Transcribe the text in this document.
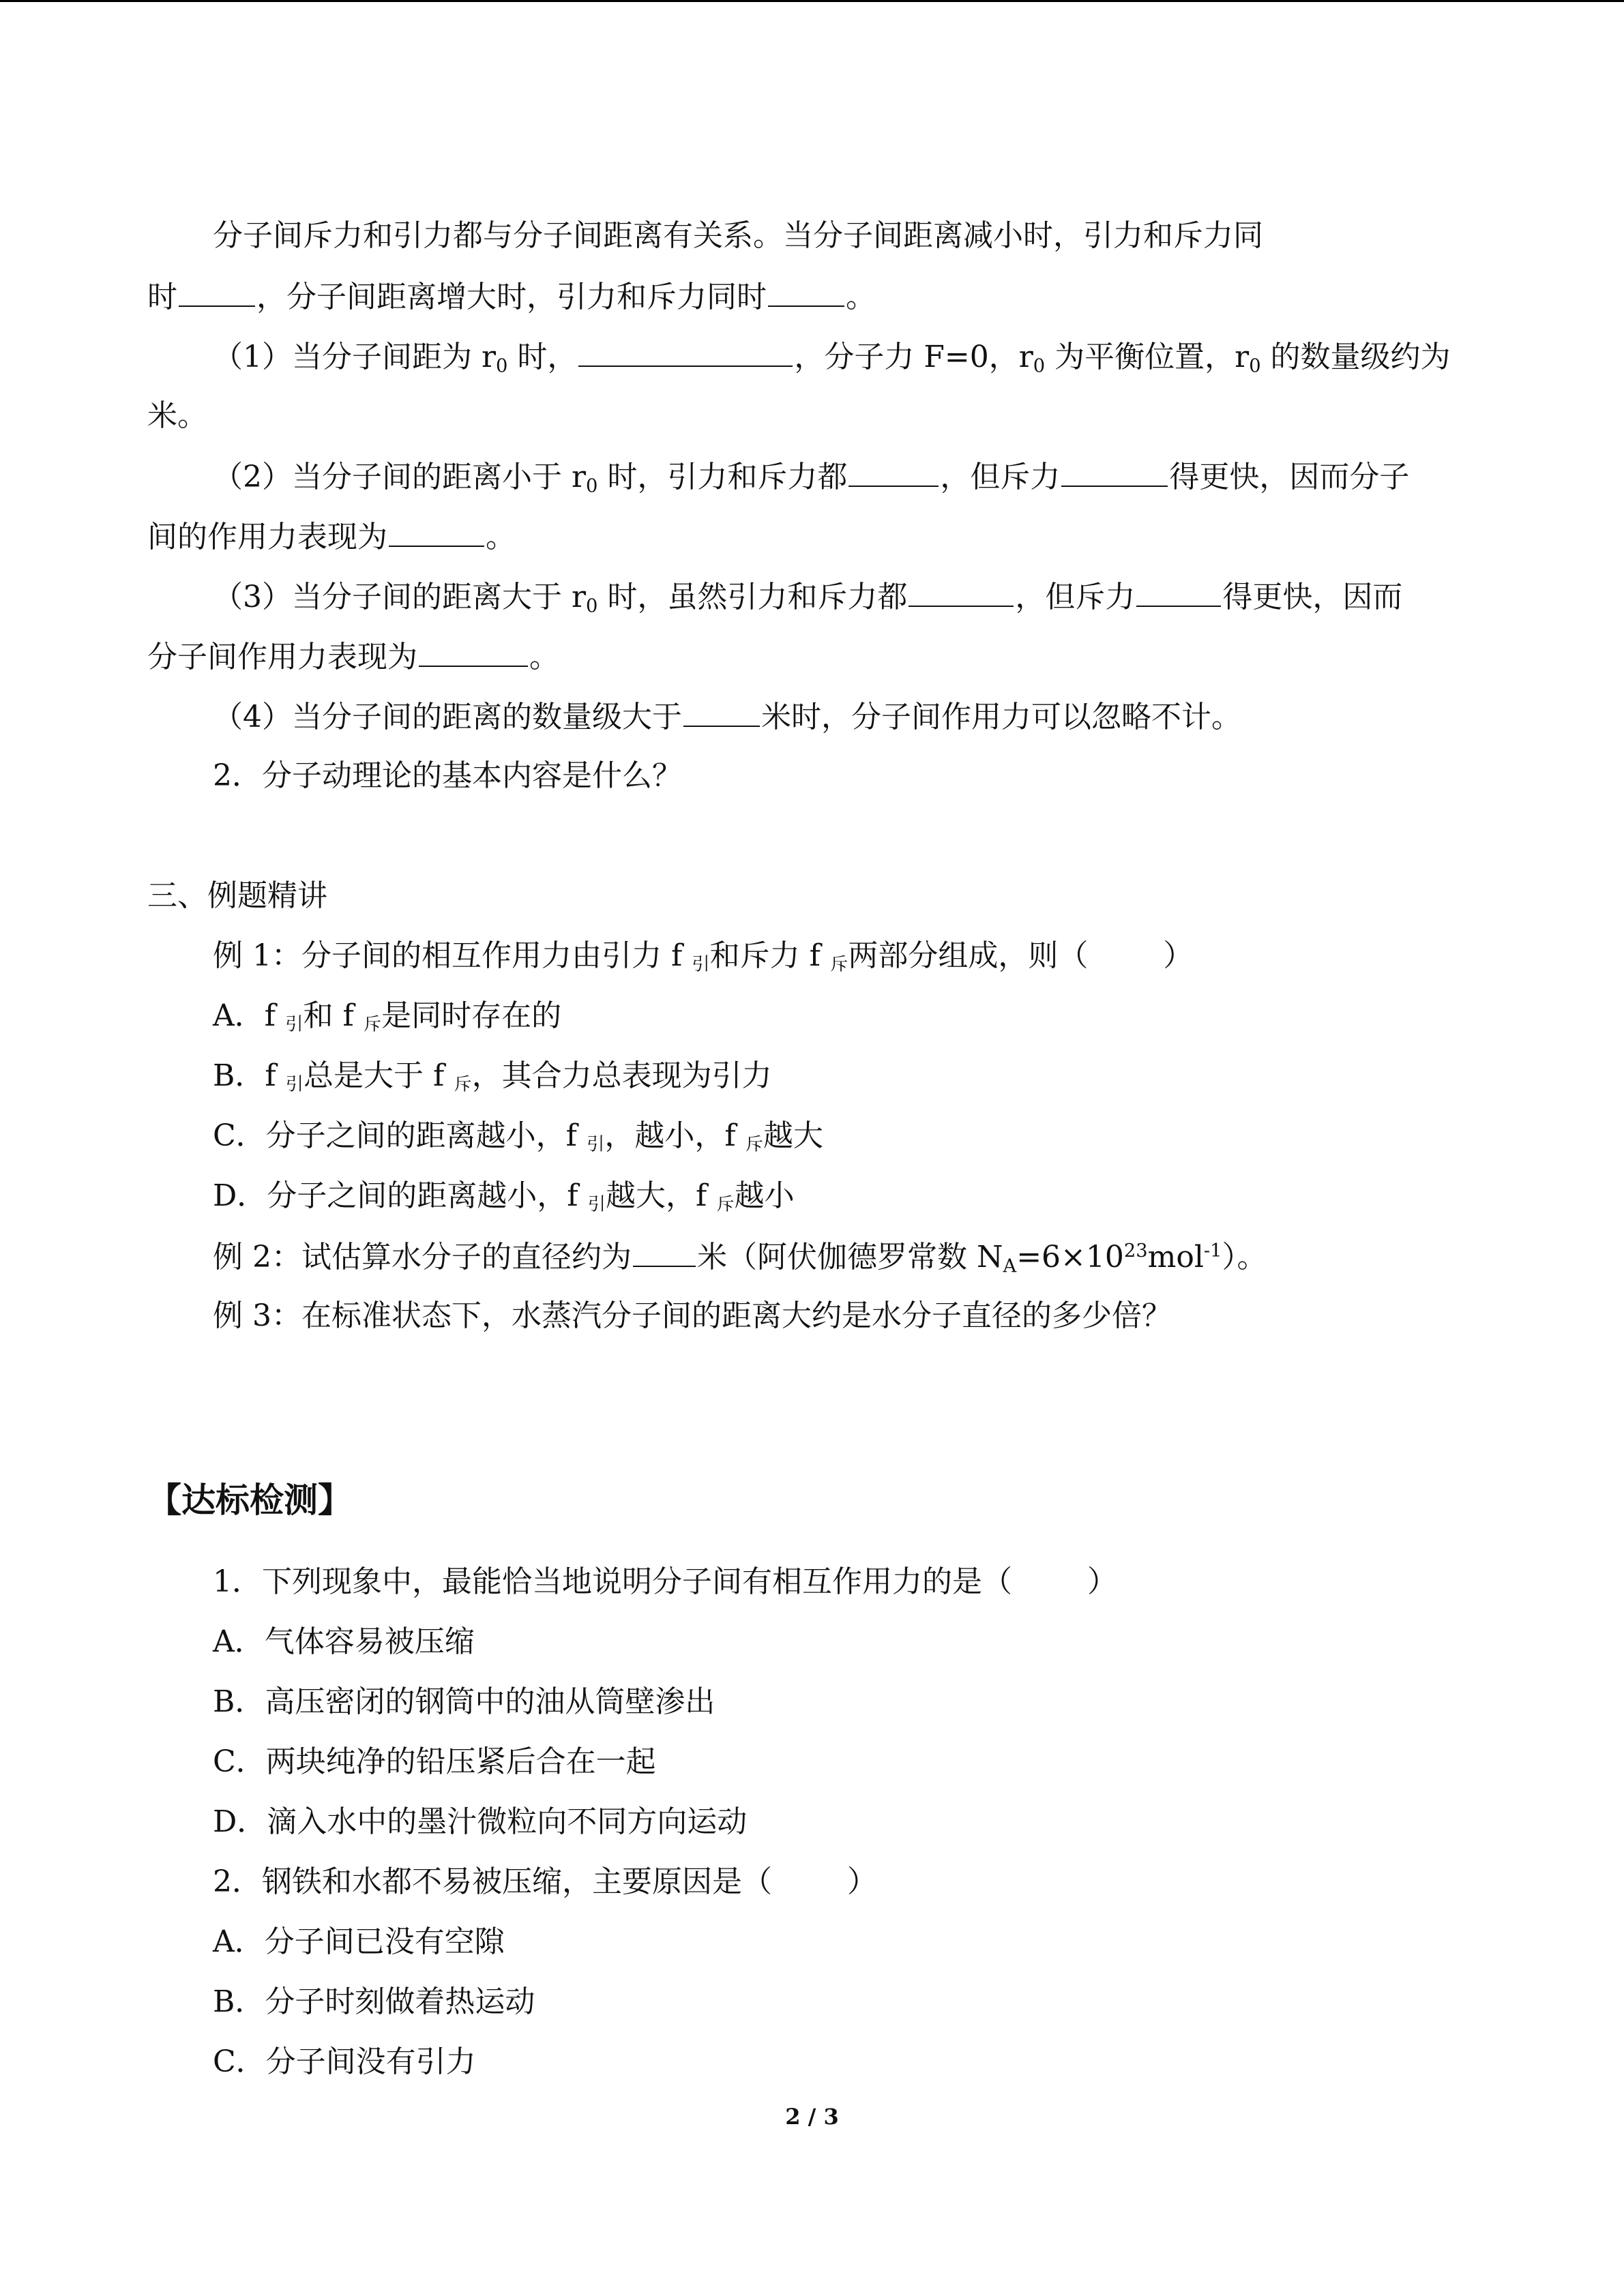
分子间斥力和引力都与分子间距离有关系。当分子间距离减小时，引力和斥力同
时	，分子间距离增大时，引力和斥力同时	。
（1）当分子间距为 $r_0$ 时，	，分子力 F=0，$r_0$ 为平衡位置，$r_0$ 的数量级约为
米。
（2）当分子间的距离小于 $r_0$ 时，引力和斥力都	，但斥力	得更快，因而分子
间的作用力表现为	。
（3）当分子间的距离大于 $r_0$ 时，虽然引力和斥力都	，但斥力	得更快，因而
分子间作用力表现为	。
（4）当分子间的距离的数量级大于	米时，分子间作用力可以忽略不计。
2．分子动理论的基本内容是什么？
三、例题精讲
例 1：分子间的相互作用力由引力 f 引和斥力 f 斥两部分组成，则（	）
A．f 引和 f 斥是同时存在的
B．f 引总是大于 f 斥，其合力总表现为引力
C．分子之间的距离越小，f 引，越小，f 斥越大
D．分子之间的距离越小，f 引越大，f 斥越小
例 2：试估算水分子的直径约为 米（阿伏伽德罗常数 $N_A=6\times 10^{23}mol^{-1}$）。
例 3：在标准状态下，水蒸汽分子间的距离大约是水分子直径的多少倍？
【达标检测】
1．下列现象中，最能恰当地说明分子间有相互作用力的是（	）
A．气体容易被压缩
B．高压密闭的钢筒中的油从筒壁渗出
C．两块纯净的铅压紧后合在一起
D．滴入水中的墨汁微粒向不同方向运动
2．钢铁和水都不易被压缩，主要原因是（	）
A．分子间已没有空隙
B．分子时刻做着热运动
C．分子间没有引力
2 / 3
